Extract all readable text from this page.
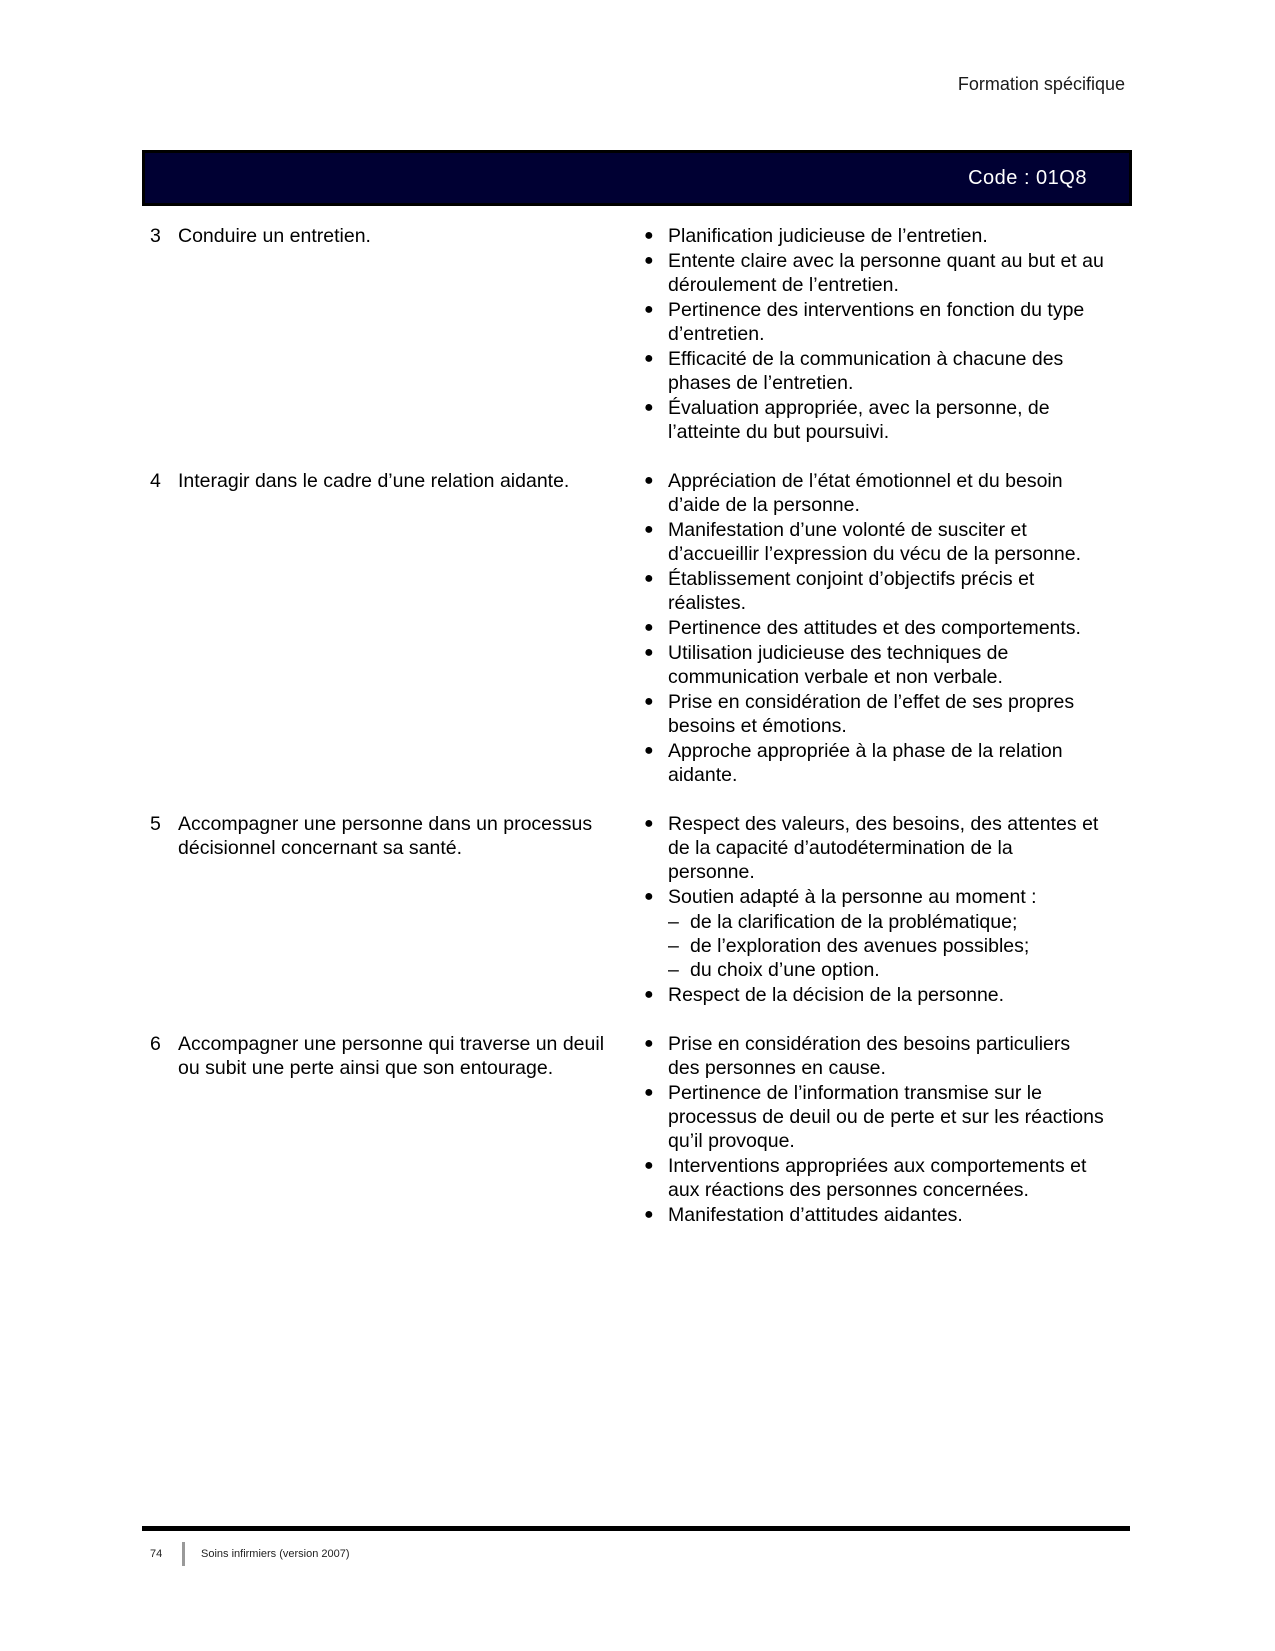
Formation spécifique
Code : 01Q8
3 Conduire un entretien.	● Planification judicieuse de l’entretien.
● Entente claire avec la personne quant au but et au déroulement de l’entretien.
● Pertinence des interventions en fonction du type d’entretien.
● Efficacité de la communication à chacune des phases de l’entretien.
● Évaluation appropriée, avec la personne, de l’atteinte du but poursuivi.
4 Interagir dans le cadre d’une relation aidante.	● Appréciation de l’état émotionnel et du besoin d’aide de la personne.
● Manifestation d’une volonté de susciter et d’accueillir l’expression du vécu de la personne.
● Établissement conjoint d’objectifs précis et réalistes.
● Pertinence des attitudes et des comportements.
● Utilisation judicieuse des techniques de communication verbale et non verbale.
● Prise en considération de l’effet de ses propres besoins et émotions.
● Approche appropriée à la phase de la relation aidante.
5 Accompagner une personne dans un processus décisionnel concernant sa santé.
● Respect des valeurs, des besoins, des attentes et de la capacité d’autodétermination de la personne.
● Soutien adapté à la personne au moment :
– de la clarification de la problématique;
– de l’exploration des avenues possibles;
– du choix d’une option.
● Respect de la décision de la personne.
6 Accompagner une personne qui traverse un deuil ou subit une perte ainsi que son entourage.
● Prise en considération des besoins particuliers des personnes en cause.
● Pertinence de l’information transmise sur le processus de deuil ou de perte et sur les réactions qu’il provoque.
● Interventions appropriées aux comportements et aux réactions des personnes concernées.
● Manifestation d’attitudes aidantes.
74	Soins infirmiers (version 2007)
